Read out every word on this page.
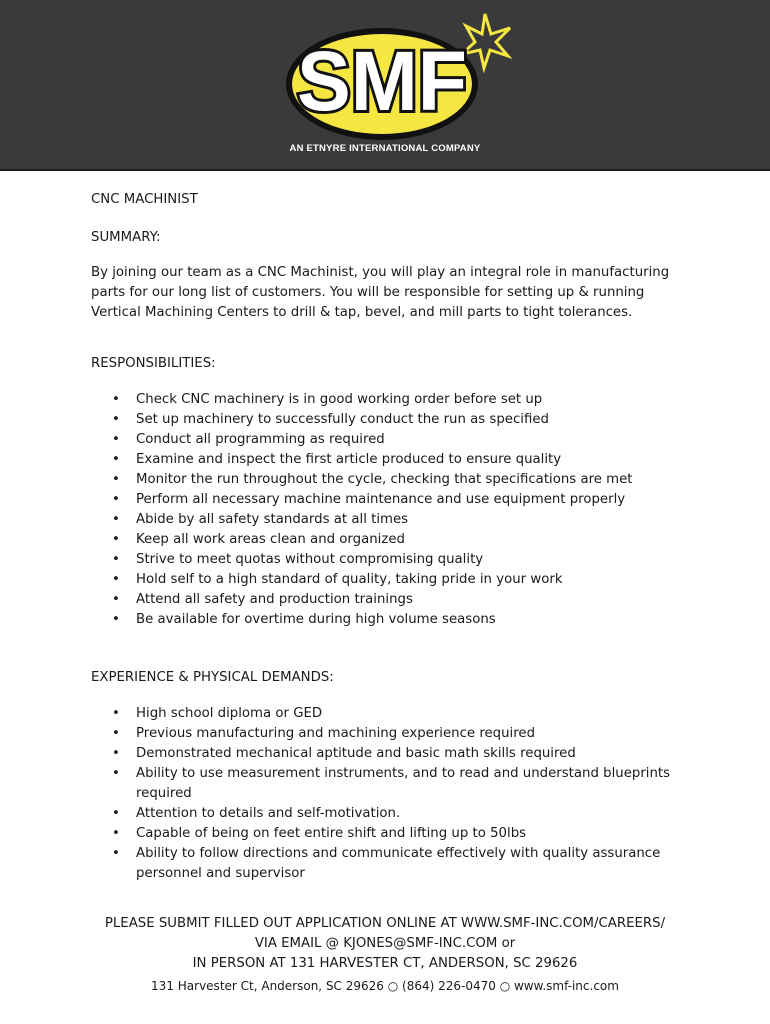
SMF
AN ETNYRE INTERNATIONAL COMPANY
CNC MACHINIST
SUMMARY:

By joining our team as a CNC Machinist, you will play an integral role in manufacturing parts for our long list of customers. You will be responsible for setting up & running Vertical Machining Centers to drill & tap, bevel, and mill parts to tight tolerances.

RESPONSIBILITIES:
• Check CNC machinery is in good working order before set up
• Set up machinery to successfully conduct the run as specified
• Conduct all programming as required
• Examine and inspect the first article produced to ensure quality
• Monitor the run throughout the cycle, checking that specifications are met
• Perform all necessary machine maintenance and use equipment properly
• Abide by all safety standards at all times
• Keep all work areas clean and organized
• Strive to meet quotas without compromising quality
• Hold self to a high standard of quality, taking pride in your work
• Attend all safety and production trainings
• Be available for overtime during high volume seasons
EXPERIENCE & PHYSICAL DEMANDS:
• High school diploma or GED
• Previous manufacturing and machining experience required
• Demonstrated mechanical aptitude and basic math skills required
• Ability to use measurement instruments, and to read and understand blueprints required
• Attention to details and self-motivation.
• Capable of being on feet entire shift and lifting up to 50lbs
• Ability to follow directions and communicate effectively with quality assurance personnel and supervisor
PLEASE SUBMIT FILLED OUT APPLICATION ONLINE AT WWW.SMF-INC.COM/CAREERS/
VIA EMAIL @ KJONES@SMF-INC.COM or
IN PERSON AT 131 HARVESTER CT, ANDERSON, SC 29626
131 Harvester Ct, Anderson, SC 29626 ○ (864) 226-0470 ○ www.smf-inc.com
